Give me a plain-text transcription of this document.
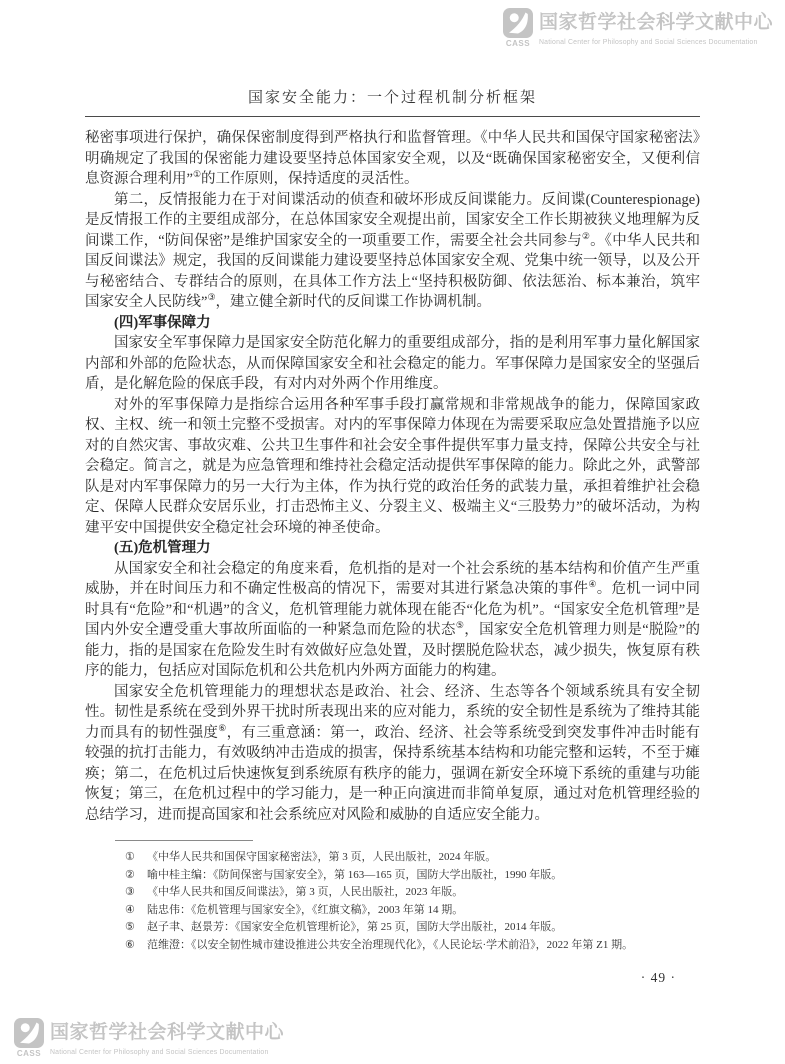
CASS
国家哲学社会科学文献中心
National Center for Philosophy and Social Sciences Documentation
国家安全能力：一个过程机制分析框架

秘密事项进行保护，确保保密制度得到严格执行和监督管理。《中华人民共和国保守国家秘密法》明确规定了我国的保密能力建设要坚持总体国家安全观，以及“既确保国家秘密安全，又便利信息资源合理利用”①的工作原则，保持适度的灵活性。

第二，反情报能力在于对间谍活动的侦查和破坏形成反间谍能力。反间谍(Counterespionage)是反情报工作的主要组成部分，在总体国家安全观提出前，国家安全工作长期被狭义地理解为反间谍工作，“防间保密”是维护国家安全的一项重要工作，需要全社会共同参与②。《中华人民共和国反间谍法》规定，我国的反间谍能力建设要坚持总体国家安全观、党集中统一领导，以及公开与秘密结合、专群结合的原则，在具体工作方法上“坚持积极防御、依法惩治、标本兼治，筑牢国家安全人民防线”③，建立健全新时代的反间谍工作协调机制。

(四)军事保障力

国家安全军事保障力是国家安全防范化解力的重要组成部分，指的是利用军事力量化解国家内部和外部的危险状态，从而保障国家安全和社会稳定的能力。军事保障力是国家安全的坚强后盾，是化解危险的保底手段，有对内对外两个作用维度。

对外的军事保障力是指综合运用各种军事手段打赢常规和非常规战争的能力，保障国家政权、主权、统一和领土完整不受损害。对内的军事保障力体现在为需要采取应急处置措施予以应对的自然灾害、事故灾难、公共卫生事件和社会安全事件提供军事力量支持，保障公共安全与社会稳定。简言之，就是为应急管理和维持社会稳定活动提供军事保障的能力。除此之外，武警部队是对内军事保障力的另一大行为主体，作为执行党的政治任务的武装力量，承担着维护社会稳定、保障人民群众安居乐业，打击恐怖主义、分裂主义、极端主义“三股势力”的破坏活动，为构建平安中国提供安全稳定社会环境的神圣使命。

(五)危机管理力

从国家安全和社会稳定的角度来看，危机指的是对一个社会系统的基本结构和价值产生严重威胁，并在时间压力和不确定性极高的情况下，需要对其进行紧急决策的事件④。危机一词中同时具有“危险”和“机遇”的含义，危机管理能力就体现在能否“化危为机”。“国家安全危机管理”是国内外安全遭受重大事故所面临的一种紧急而危险的状态⑤，国家安全危机管理力则是“脱险”的能力，指的是国家在危险发生时有效做好应急处置，及时摆脱危险状态，减少损失，恢复原有秩序的能力，包括应对国际危机和公共危机内外两方面能力的构建。

国家安全危机管理能力的理想状态是政治、社会、经济、生态等各个领域系统具有安全韧性。韧性是系统在受到外界干扰时所表现出来的应对能力，系统的安全韧性是系统为了维持其能力而具有的韧性强度⑥，有三重意涵：第一，政治、经济、社会等系统受到突发事件冲击时能有较强的抗打击能力，有效吸纳冲击造成的损害，保持系统基本结构和功能完整和运转，不至于瘫痪；第二，在危机过后快速恢复到系统原有秩序的能力，强调在新安全环境下系统的重建与功能恢复；第三，在危机过程中的学习能力，是一种正向演进而非简单复原，通过对危机管理经验的总结学习，进而提高国家和社会系统应对风险和威胁的自适应安全能力。

① 《中华人民共和国保守国家秘密法》，第 3 页，人民出版社，2024 年版。
② 喻中桂主编：《防间保密与国家安全》，第 163—165 页，国防大学出版社，1990 年版。
③ 《中华人民共和国反间谍法》，第 3 页，人民出版社，2023 年版。
④ 陆忠伟：《危机管理与国家安全》，《红旗文稿》，2003 年第 14 期。
⑤ 赵子聿、赵景芳：《国家安全危机管理析论》，第 25 页，国防大学出版社，2014 年版。
⑥ 范维澄：《以安全韧性城市建设推进公共安全治理现代化》，《人民论坛·学术前沿》，2022 年第 Z1 期。
· 49 ·
CASS
国家哲学社会科学文献中心
National Center for Philosophy and Social Sciences Documentation
